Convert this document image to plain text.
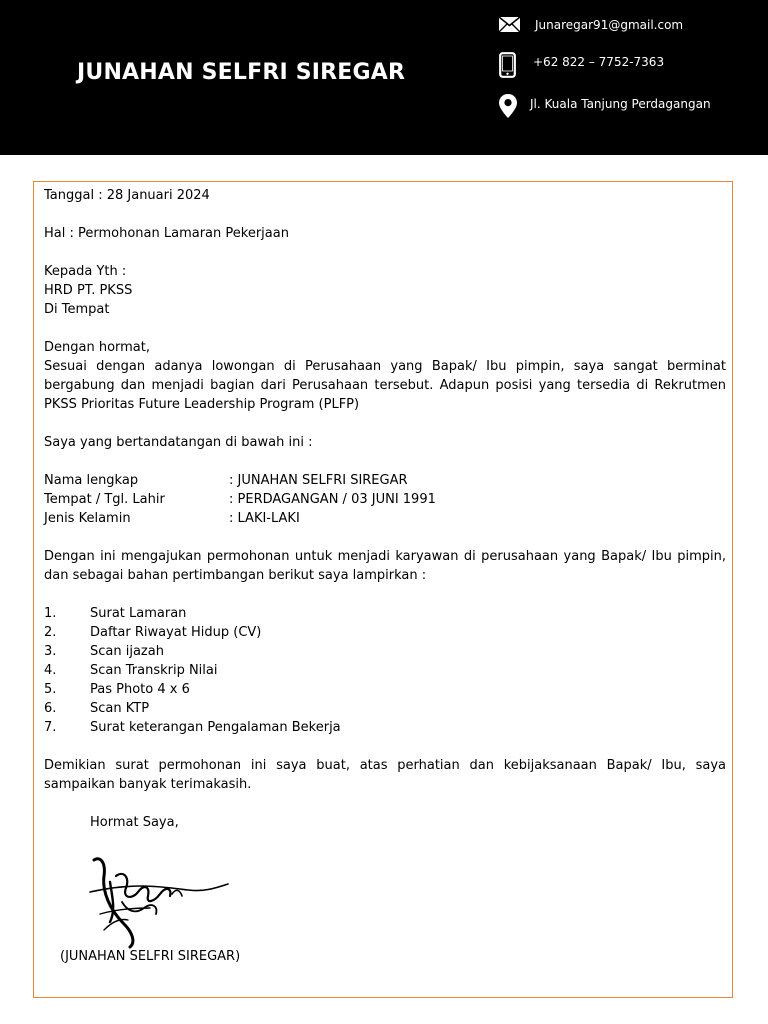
JUNAHAN SELFRI SIREGAR
Junaregar91@gmail.com
+62 822 – 7752-7363
Jl. Kuala Tanjung Perdagangan

Tanggal : 28 Januari 2024

Hal : Permohonan Lamaran Pekerjaan

Kepada Yth :

HRD PT. PKSS

Di Tempat

Dengan hormat,

Sesuai dengan adanya lowongan di Perusahaan yang Bapak/ Ibu pimpin, saya sangat berminat bergabung dan menjadi bagian dari Perusahaan tersebut. Adapun posisi yang tersedia di Rekrutmen PKSS Prioritas Future Leadership Program (PLFP)

Saya yang bertandatangan di bawah ini :

Nama lengkap	: JUNAHAN SELFRI SIREGAR
Tempat / Tgl. Lahir	: PERDAGANGAN / 03 JUNI 1991
Jenis Kelamin	: LAKI-LAKI

Dengan ini mengajukan permohonan untuk menjadi karyawan di perusahaan yang Bapak/ Ibu pimpin, dan sebagai bahan pertimbangan berikut saya lampirkan :

1.	Surat Lamaran
2.	Daftar Riwayat Hidup (CV)
3.	Scan ijazah
4.	Scan Transkrip Nilai
5.	Pas Photo 4 x 6
6.	Scan KTP
7.	Surat keterangan Pengalaman Bekerja

Demikian surat permohonan ini saya buat, atas perhatian dan kebijaksanaan Bapak/ Ibu, saya sampaikan banyak terimakasih.

Hormat Saya,

(JUNAHAN SELFRI SIREGAR)
